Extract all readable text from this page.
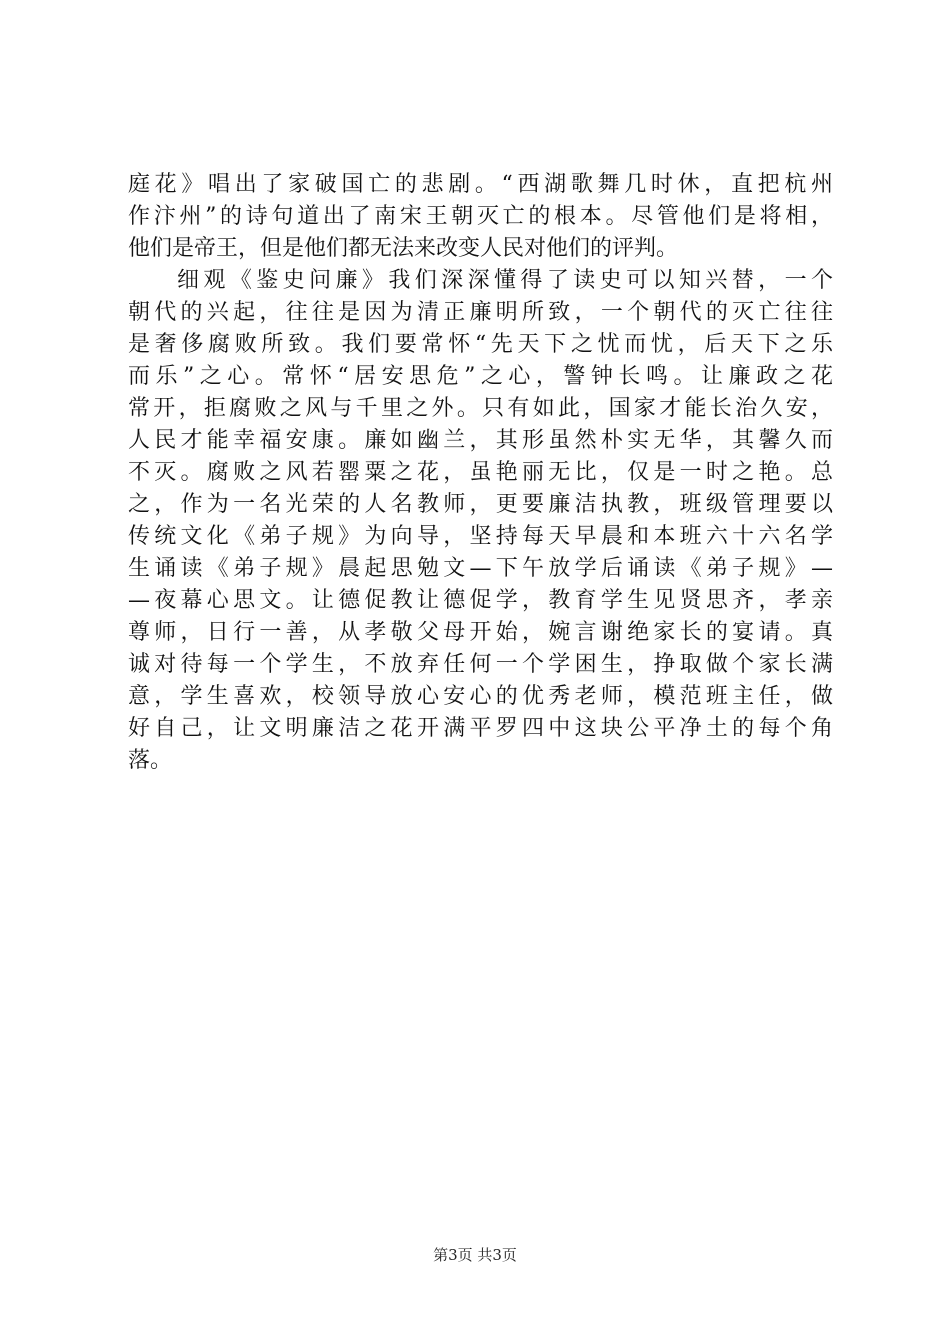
庭花》唱出了家破国亡的悲剧。“西湖歌舞几时休，直把杭州
作汴州”的诗句道出了南宋王朝灭亡的根本。尽管他们是将相，
他们是帝王，但是他们都无法来改变人民对他们的评判。
细观《鉴史问廉》我们深深懂得了读史可以知兴替，一个
朝代的兴起，往往是因为清正廉明所致，一个朝代的灭亡往往
是奢侈腐败所致。我们要常怀“先天下之忧而忧，后天下之乐
而乐”之心。常怀“居安思危”之心，警钟长鸣。让廉政之花
常开，拒腐败之风与千里之外。只有如此，国家才能长治久安，
人民才能幸福安康。廉如幽兰，其形虽然朴实无华，其馨久而
不灭。腐败之风若罂粟之花，虽艳丽无比，仅是一时之艳。总
之，作为一名光荣的人名教师，更要廉洁执教，班级管理要以
传统文化《弟子规》为向导，坚持每天早晨和本班六十六名学
生诵读《弟子规》晨起思勉文—下午放学后诵读《弟子规》—
—夜幕心思文。让德促教让德促学，教育学生见贤思齐，孝亲
尊师，日行一善，从孝敬父母开始，婉言谢绝家长的宴请。真
诚对待每一个学生，不放弃任何一个学困生，挣取做个家长满
意，学生喜欢，校领导放心安心的优秀老师，模范班主任，做
好自己，让文明廉洁之花开满平罗四中这块公平净土的每个角
落。
第3页 共3页
